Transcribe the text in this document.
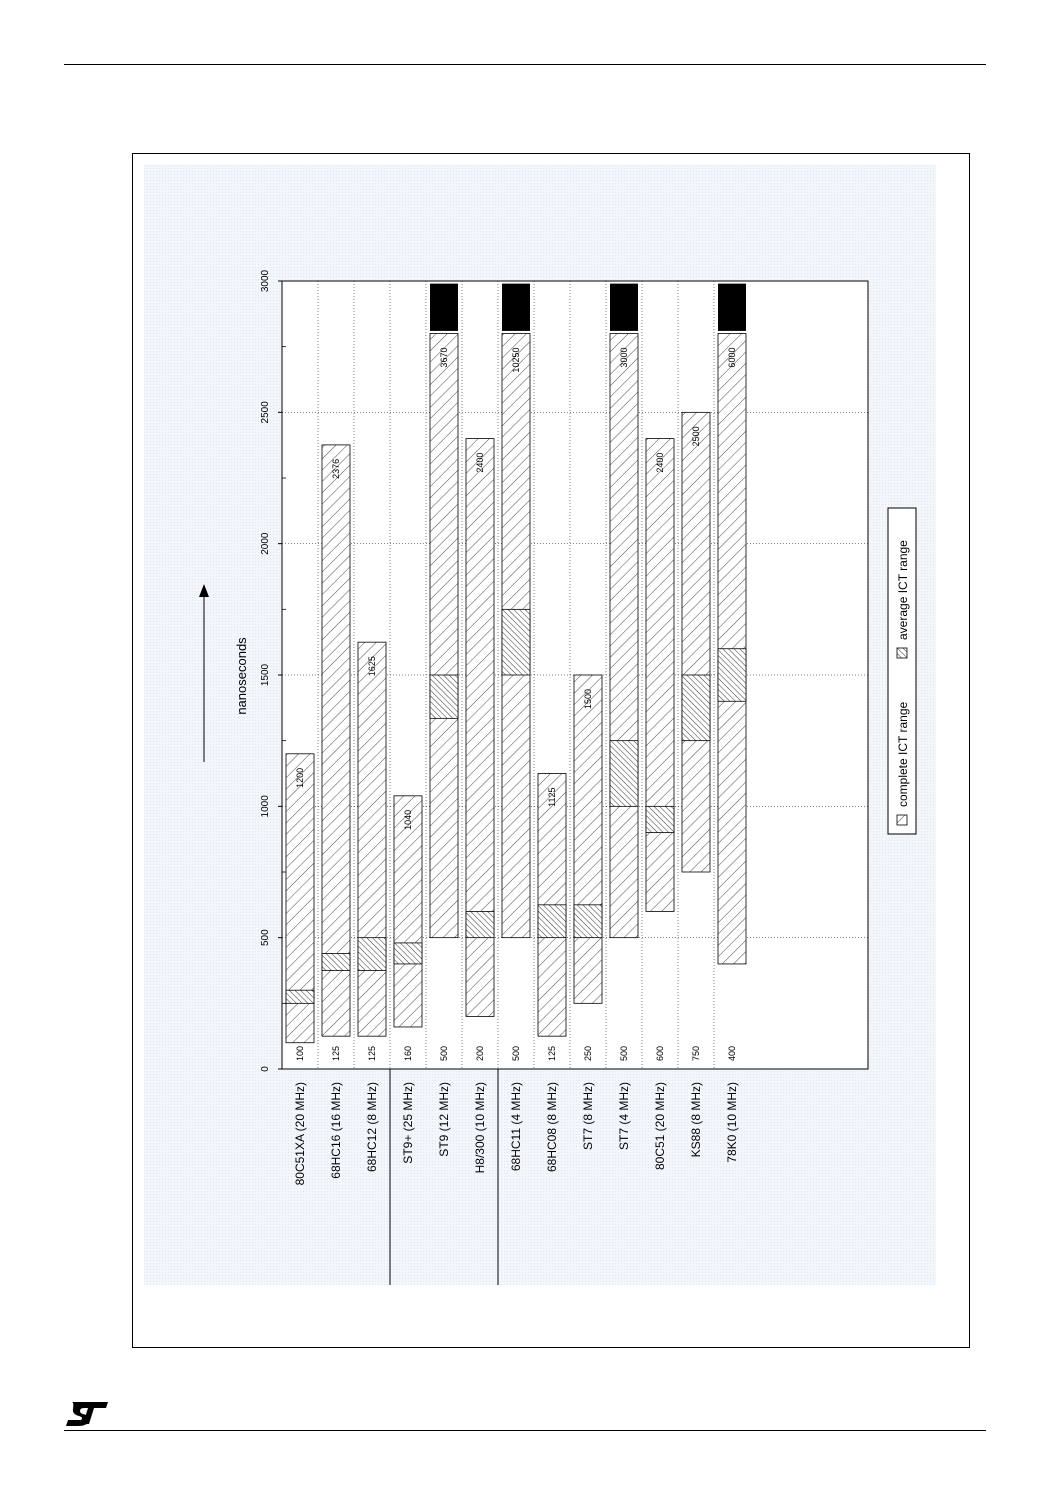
0
500
1000
1500
2000
2500
3000
80C51XA (20 MHz) 68HC16 (16 MHz) 68HC12 (8 MHz) ST9+ (25 MHz) ST9 (12 MHz) H8/300 (10 MHz) 68HC11 (4 MHz) 68HC08 (8 MHz) ST7 (8 MHz) ST7 (4 MHz) 80C51 (20 MHz) KS88 (8 MHz) 78K0 (10 MHz)
1200
100
2376
125
1625
125
1040
160
3670
500
2400
200
10250
500
1125
125
1500
250
3000
500
2400
600
2500
750
6000
400
nanoseconds
complete ICT range
average ICT range
